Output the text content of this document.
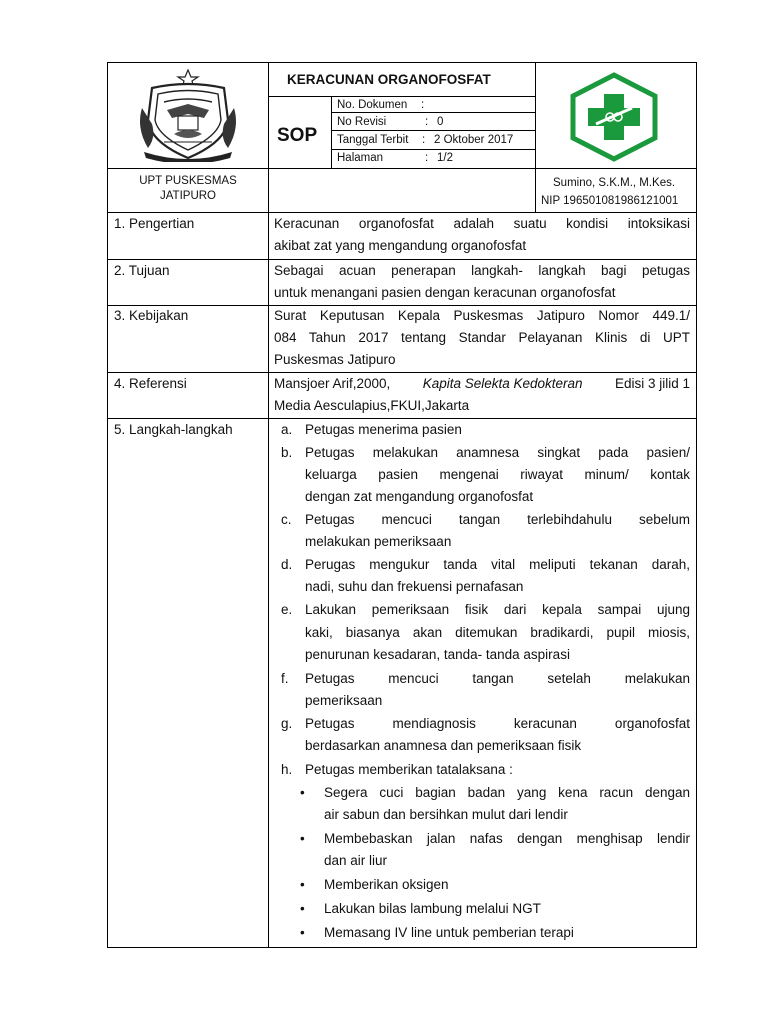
KERACUNAN ORGANOFOSFAT
SOP
No. Dokumen :
No Revisi	: 0
Tanggal Terbit : 2 Oktober 2017
Halaman	: 1/2
UPT PUSKESMAS
JATIPURO
Sumino, S.K.M., M.Kes.
NIP 196501081986121001
1. Pengertian	Keracunan organofosfat adalah suatu kondisi intoksikasi
akibat zat yang mengandung organofosfat
2. Tujuan	Sebagai acuan penerapan langkah- langkah bagi petugas
untuk menangani pasien dengan keracunan organofosfat
3. Kebijakan	Surat Keputusan Kepala Puskesmas Jatipuro Nomor 449.1/
084 Tahun 2017 tentang Standar Pelayanan Klinis di UPT
Puskesmas Jatipuro
4. Referensi	Mansjoer Arif,2000, Kapita Selekta Kedokteran Edisi 3 jilid 1
Media Aesculapius,FKUI,Jakarta
5. Langkah-langkah	a. Petugas menerima pasien
b. Petugas melakukan anamnesa singkat pada pasien/
keluarga pasien mengenai riwayat minum/ kontak
dengan zat mengandung organofosfat
c. Petugas mencuci tangan terlebihdahulu sebelum
melakukan pemeriksaan
d. Perugas mengukur tanda vital meliputi tekanan darah,
nadi, suhu dan frekuensi pernafasan
e. Lakukan pemeriksaan fisik dari kepala sampai ujung
kaki, biasanya akan ditemukan bradikardi, pupil miosis,
penurunan kesadaran, tanda- tanda aspirasi
f. Petugas mencuci tangan setelah melakukan
pemeriksaan
g. Petugas mendiagnosis keracunan organofosfat
berdasarkan anamnesa dan pemeriksaan fisik
h. Petugas memberikan tatalaksana :
• Segera cuci bagian badan yang kena racun dengan
air sabun dan bersihkan mulut dari lendir
• Membebaskan jalan nafas dengan menghisap lendir
dan air liur
• Memberikan oksigen
• Lakukan bilas lambung melalui NGT
• Memasang IV line untuk pemberian terapi
